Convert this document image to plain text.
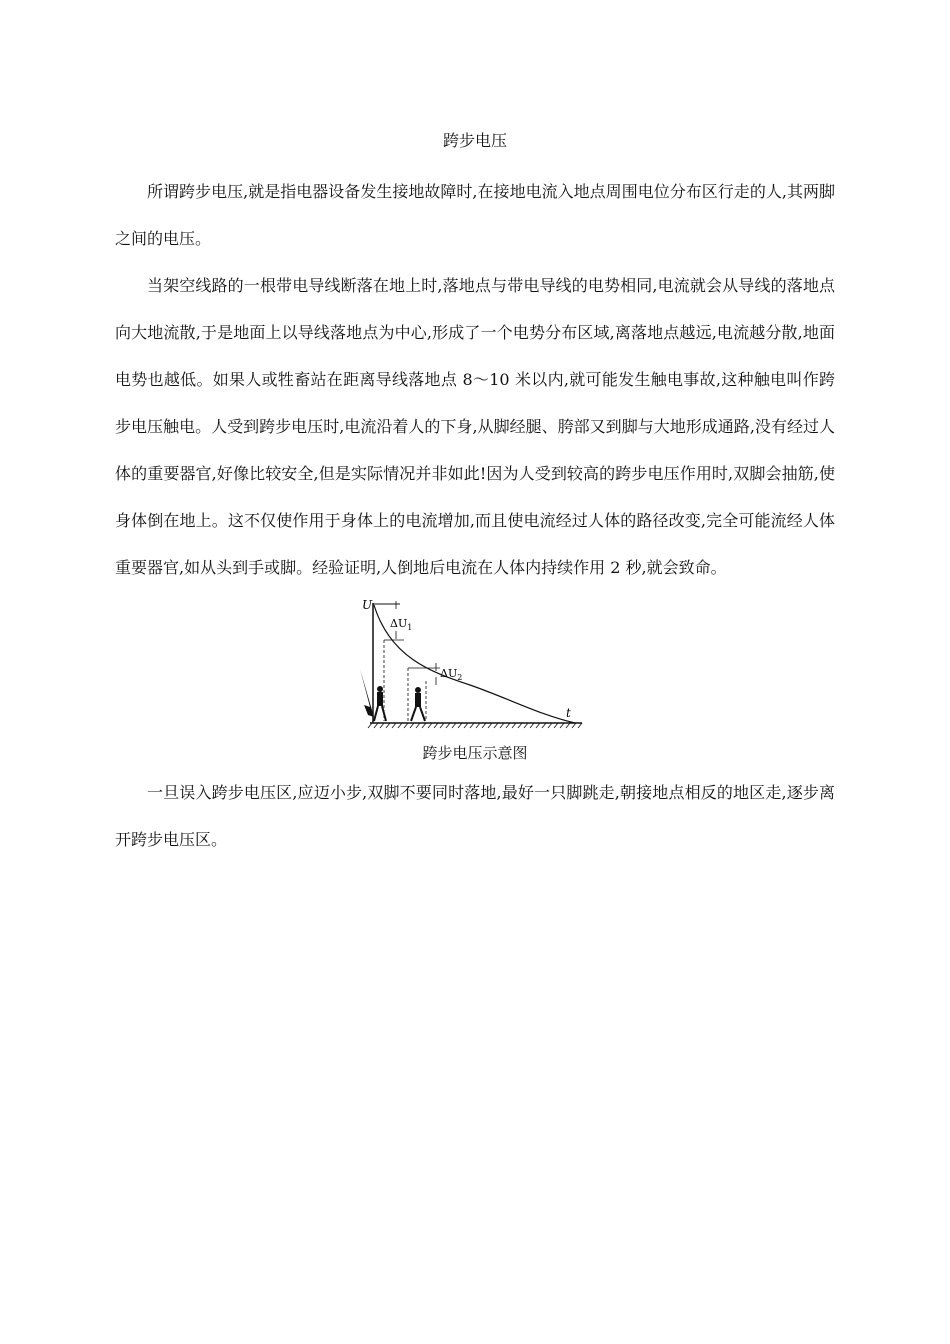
跨步电压

所谓跨步电压,就是指电器设备发生接地故障时,在接地电流入地点周围电位分布区行走的人,其两脚之间的电压。

当架空线路的一根带电导线断落在地上时,落地点与带电导线的电势相同,电流就会从导线的落地点向大地流散,于是地面上以导线落地点为中心,形成了一个电势分布区域,离落地点越远,电流越分散,地面电势也越低。如果人或牲畜站在距离导线落地点 8～10 米以内,就可能发生触电事故,这种触电叫作跨步电压触电。人受到跨步电压时,电流沿着人的下身,从脚经腿、胯部又到脚与大地形成通路,没有经过人体的重要器官,好像比较安全,但是实际情况并非如此!因为人受到较高的跨步电压作用时,双脚会抽筋,使身体倒在地上。这不仅使作用于身体上的电流增加,而且使电流经过人体的路径改变,完全可能流经人体重要器官,如从头到手或脚。经验证明,人倒地后电流在人体内持续作用 2 秒,就会致命。

U
$\Delta U_1$
$\Delta U_2$
t
跨步电压示意图

一旦误入跨步电压区,应迈小步,双脚不要同时落地,最好一只脚跳走,朝接地点相反的地区走,逐步离开跨步电压区。
